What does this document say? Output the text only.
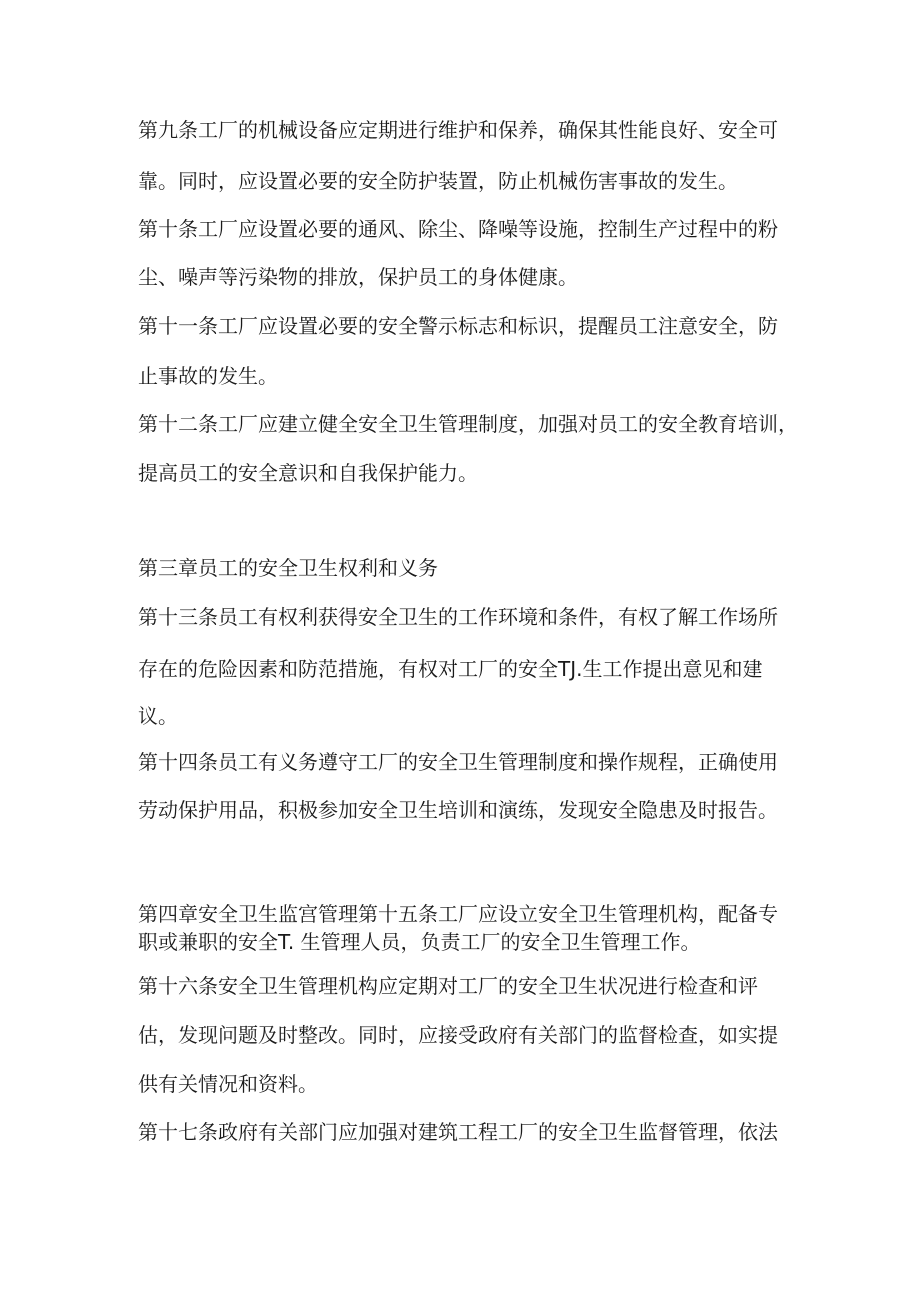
第九条工厂的机械设备应定期进行维护和保养，确保其性能良好、安全可
靠。同时，应设置必要的安全防护装置，防止机械伤害事故的发生。
第十条工厂应设置必要的通风、除尘、降噪等设施，控制生产过程中的粉
尘、噪声等污染物的排放，保护员工的身体健康。
第十一条工厂应设置必要的安全警示标志和标识，提醒员工注意安全，防
止事故的发生。
第十二条工厂应建立健全安全卫生管理制度，加强对员工的安全教育培训，
提高员工的安全意识和自我保护能力。
第三章员工的安全卫生权利和义务
第十三条员工有权利获得安全卫生的工作环境和条件，有权了解工作场所
存在的危险因素和防范措施，有权对工厂的安全TJ.生工作提出意见和建
议。
第十四条员工有义务遵守工厂的安全卫生管理制度和操作规程，正确使用
劳动保护用品，积极参加安全卫生培训和演练，发现安全隐患及时报告。
第四章安全卫生监宫管理第十五条工厂应设立安全卫生管理机构，配备专
职或兼职的安全T. 生管理人员，负责工厂的安全卫生管理工作。
第十六条安全卫生管理机构应定期对工厂的安全卫生状况进行检查和评
估，发现问题及时整改。同时，应接受政府有关部门的监督检查，如实提
供有关情况和资料。
第十七条政府有关部门应加强对建筑工程工厂的安全卫生监督管理，依法
